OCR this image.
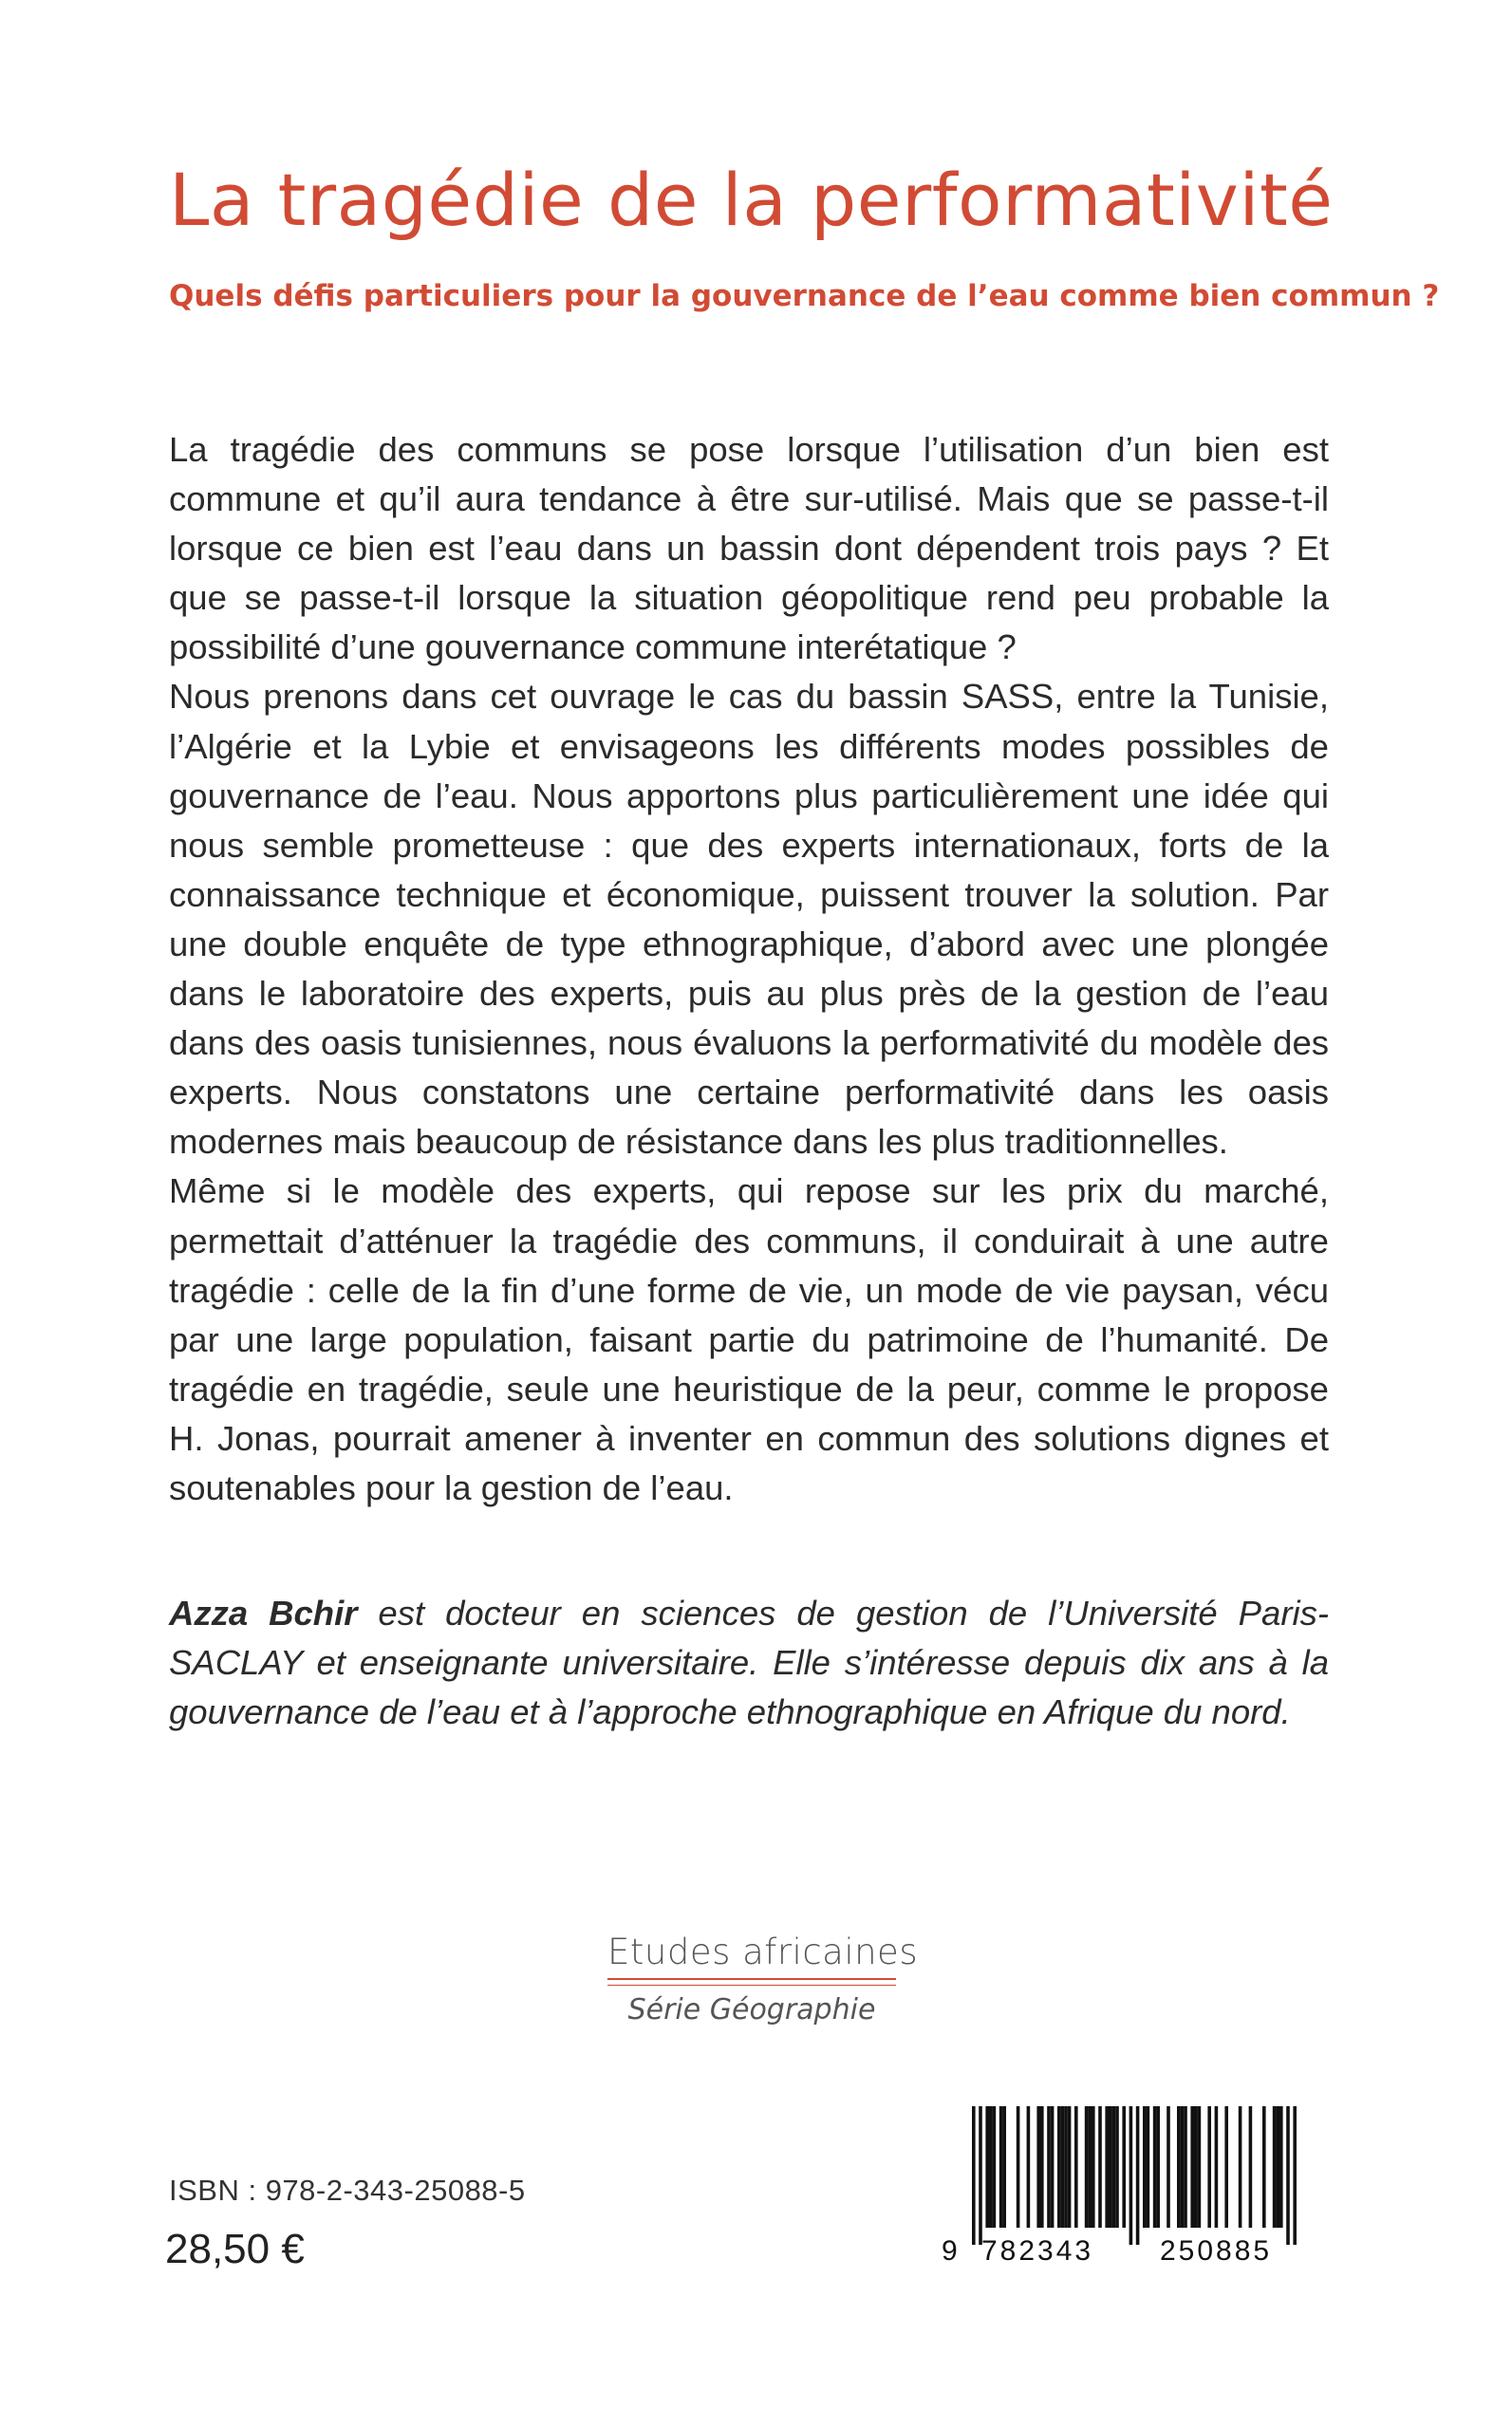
La tragédie de la performativité
Quels défis particuliers pour la gouvernance de l’eau comme bien commun ?

La tragédie des communs se pose lorsque l’utilisation d’un bien est commune et qu’il aura tendance à être sur-utilisé. Mais que se passe-t-il lorsque ce bien est l’eau dans un bassin dont dépendent trois pays ? Et que se passe-t-il lorsque la situation géopolitique rend peu probable la possibilité d’une gouvernance commune interétatique ?

Nous prenons dans cet ouvrage le cas du bassin SASS, entre la Tunisie, l’Algérie et la Lybie et envisageons les différents modes possibles de gouvernance de l’eau. Nous apportons plus particulièrement une idée qui nous semble prometteuse : que des experts internationaux, forts de la connaissance technique et économique, puissent trouver la solution. Par une double enquête de type ethnographique, d’abord avec une plongée dans le laboratoire des experts, puis au plus près de la gestion de l’eau dans des oasis tunisiennes, nous évaluons la performativité du modèle des experts. Nous constatons une certaine performativité dans les oasis modernes mais beaucoup de résistance dans les plus traditionnelles.

Même si le modèle des experts, qui repose sur les prix du marché, permettait d’atténuer la tragédie des communs, il conduirait à une autre tragédie : celle de la fin d’une forme de vie, un mode de vie paysan, vécu par une large population, faisant partie du patrimoine de l’humanité. De tragédie en tragédie, seule une heuristique de la peur, comme le propose H. Jonas, pourrait amener à inventer en commun des solutions dignes et soutenables pour la gestion de l’eau.

Azza Bchir est docteur en sciences de gestion de l’Université Paris-SACLAY et enseignante universitaire. Elle s’intéresse depuis dix ans à la gouvernance de l’eau et à l’approche ethnographique en Afrique du nord.
Etudes africaines
Série Géographie
ISBN : 978-2-343-25088-5
28,50 €	9 782343 250885
